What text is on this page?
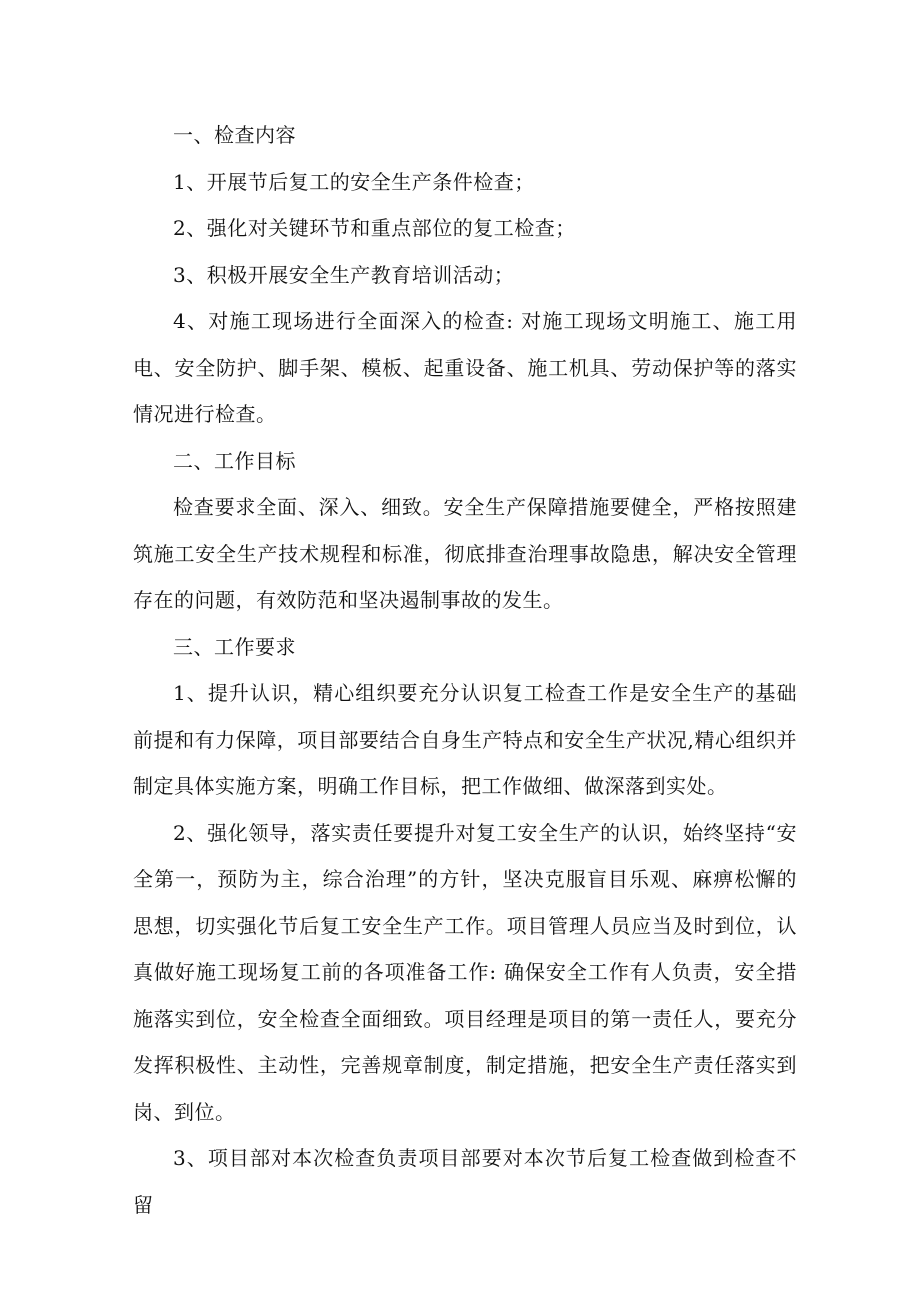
一、检查内容

1、开展节后复工的安全生产条件检查；

2、强化对关键环节和重点部位的复工检查；

3、积极开展安全生产教育培训活动；

4、对施工现场进行全面深入的检查: 对施工现场文明施工、施工用电、安全防护、脚手架、模板、起重设备、施工机具、劳动保护等的落实情况进行检查。

二、工作目标

检查要求全面、深入、细致。安全生产保障措施要健全，严格按照建筑施工安全生产技术规程和标准，彻底排查治理事故隐患，解决安全管理存在的问题，有效防范和坚决遏制事故的发生。

三、工作要求

1、提升认识，精心组织要充分认识复工检查工作是安全生产的基础前提和有力保障，项目部要结合自身生产特点和安全生产状况,精心组织并制定具体实施方案，明确工作目标，把工作做细、做深落到实处。

2、强化领导，落实责任要提升对复工安全生产的认识，始终坚持“安全第一，预防为主，综合治理”的方针，坚决克服盲目乐观、麻痹松懈的思想，切实强化节后复工安全生产工作。项目管理人员应当及时到位，认真做好施工现场复工前的各项准备工作: 确保安全工作有人负责，安全措施落实到位，安全检查全面细致。项目经理是项目的第一责任人，要充分发挥积极性、主动性，完善规章制度，制定措施，把安全生产责任落实到岗、到位。

3、项目部对本次检查负责项目部要对本次节后复工检查做到检查不留
